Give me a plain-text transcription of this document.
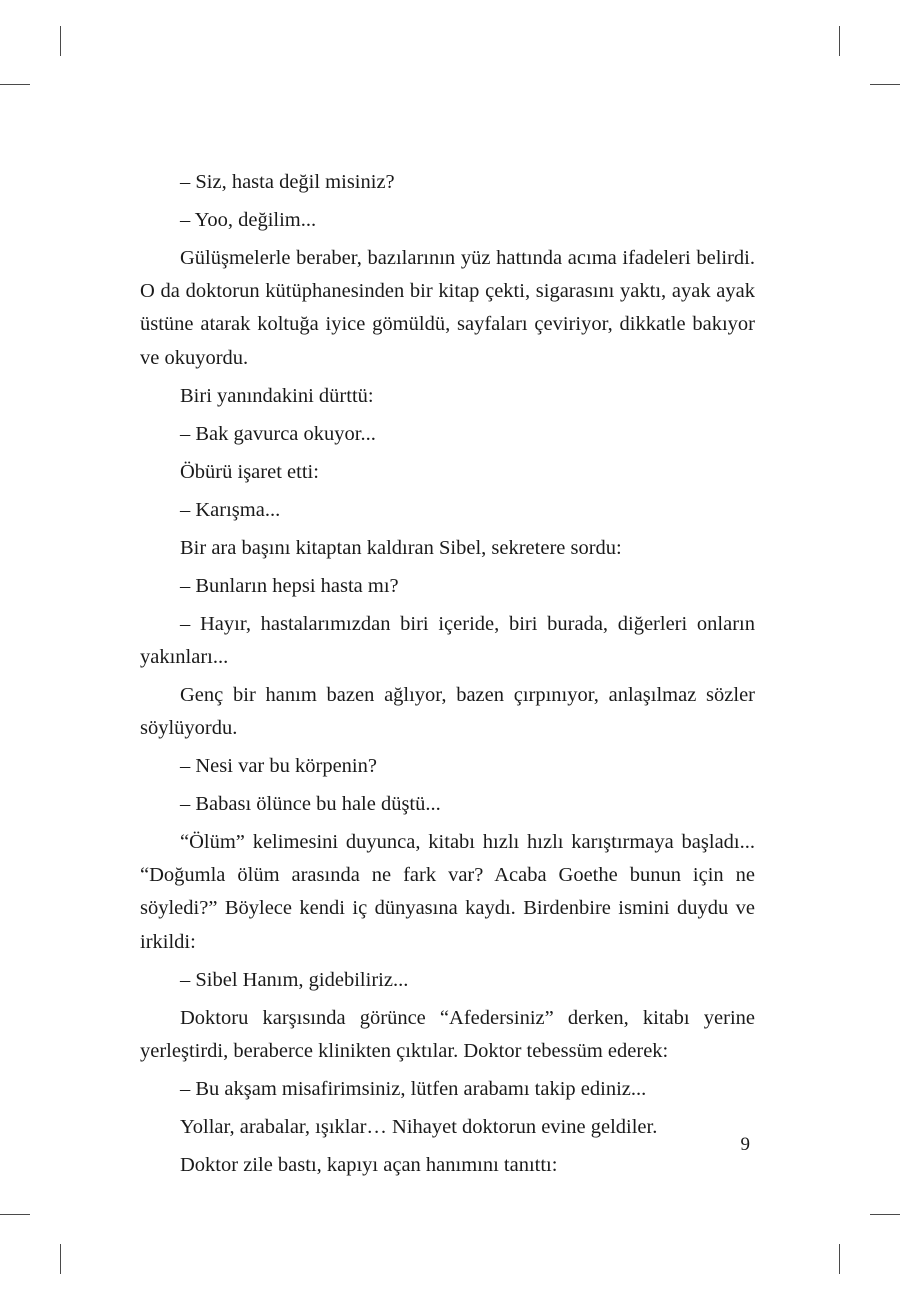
– Siz, hasta değil misiniz?

– Yoo, değilim...

Gülüşmelerle beraber, bazılarının yüz hattında acıma ifadeleri belirdi. O da doktorun kütüphanesinden bir kitap çekti, sigarasını yaktı, ayak ayak üstüne atarak koltuğa iyice gömüldü, sayfaları çeviriyor, dikkatle bakıyor ve okuyordu.

Biri yanındakini dürttü:

– Bak gavurca okuyor...

Öbürü işaret etti:

– Karışma...

Bir ara başını kitaptan kaldıran Sibel, sekretere sordu:

– Bunların hepsi hasta mı?

– Hayır, hastalarımızdan biri içeride, biri burada, diğerleri onların yakınları...

Genç bir hanım bazen ağlıyor, bazen çırpınıyor, anlaşılmaz sözler söylüyordu.

– Nesi var bu körpenin?

– Babası ölünce bu hale düştü...

“Ölüm” kelimesini duyunca, kitabı hızlı hızlı karıştırmaya başladı... “Doğumla ölüm arasında ne fark var? Acaba Goethe bunun için ne söyledi?” Böylece kendi iç dünyasına kaydı. Birdenbire ismini duydu ve irkildi:

– Sibel Hanım, gidebiliriz...

Doktoru karşısında görünce “Afedersiniz” derken, kitabı yerine yerleştirdi, beraberce klinikten çıktılar. Doktor tebessüm ederek:

– Bu akşam misafirimsiniz, lütfen arabamı takip ediniz...

Yollar, arabalar, ışıklar… Nihayet doktorun evine geldiler.

Doktor zile bastı, kapıyı açan hanımını tanıttı:

9
